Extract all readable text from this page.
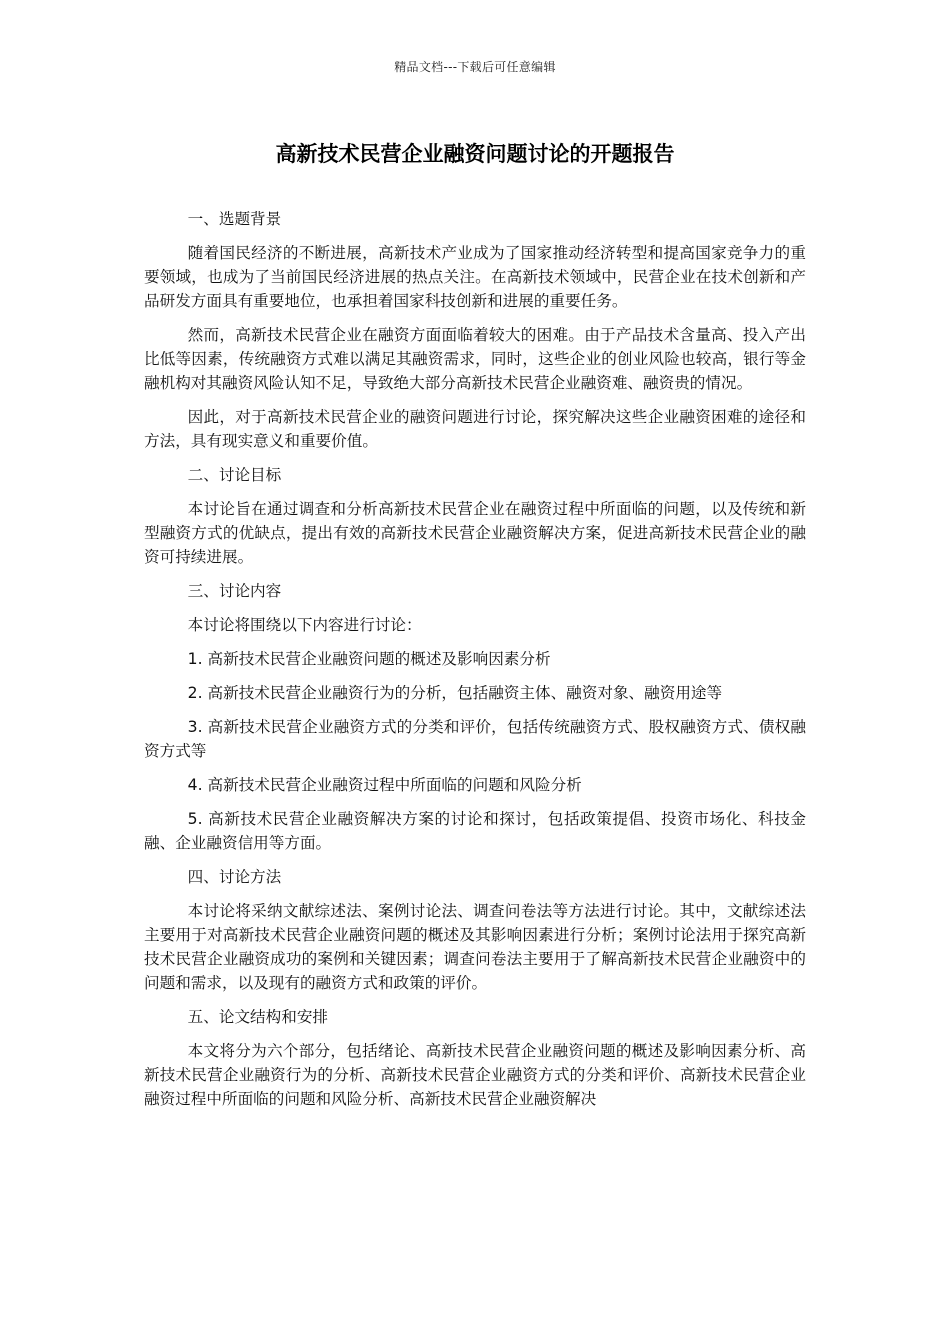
精品文档---下载后可任意编辑
高新技术民营企业融资问题讨论的开题报告

一、选题背景

随着国民经济的不断进展，高新技术产业成为了国家推动经济转型和提高国家竞争力的重要领域，也成为了当前国民经济进展的热点关注。在高新技术领域中，民营企业在技术创新和产品研发方面具有重要地位，也承担着国家科技创新和进展的重要任务。

然而，高新技术民营企业在融资方面面临着较大的困难。由于产品技术含量高、投入产出比低等因素，传统融资方式难以满足其融资需求，同时，这些企业的创业风险也较高，银行等金融机构对其融资风险认知不足，导致绝大部分高新技术民营企业融资难、融资贵的情况。

因此，对于高新技术民营企业的融资问题进行讨论，探究解决这些企业融资困难的途径和方法，具有现实意义和重要价值。

二、讨论目标

本讨论旨在通过调查和分析高新技术民营企业在融资过程中所面临的问题，以及传统和新型融资方式的优缺点，提出有效的高新技术民营企业融资解决方案，促进高新技术民营企业的融资可持续进展。

三、讨论内容

本讨论将围绕以下内容进行讨论：

1. 高新技术民营企业融资问题的概述及影响因素分析

2. 高新技术民营企业融资行为的分析，包括融资主体、融资对象、融资用途等

3. 高新技术民营企业融资方式的分类和评价，包括传统融资方式、股权融资方式、债权融资方式等

4. 高新技术民营企业融资过程中所面临的问题和风险分析

5. 高新技术民营企业融资解决方案的讨论和探讨，包括政策提倡、投资市场化、科技金融、企业融资信用等方面。

四、讨论方法

本讨论将采纳文献综述法、案例讨论法、调查问卷法等方法进行讨论。其中，文献综述法主要用于对高新技术民营企业融资问题的概述及其影响因素进行分析；案例讨论法用于探究高新技术民营企业融资成功的案例和关键因素；调查问卷法主要用于了解高新技术民营企业融资中的问题和需求，以及现有的融资方式和政策的评价。

五、论文结构和安排

本文将分为六个部分，包括绪论、高新技术民营企业融资问题的概述及影响因素分析、高新技术民营企业融资行为的分析、高新技术民营企业融资方式的分类和评价、高新技术民营企业融资过程中所面临的问题和风险分析、高新技术民营企业融资解决
